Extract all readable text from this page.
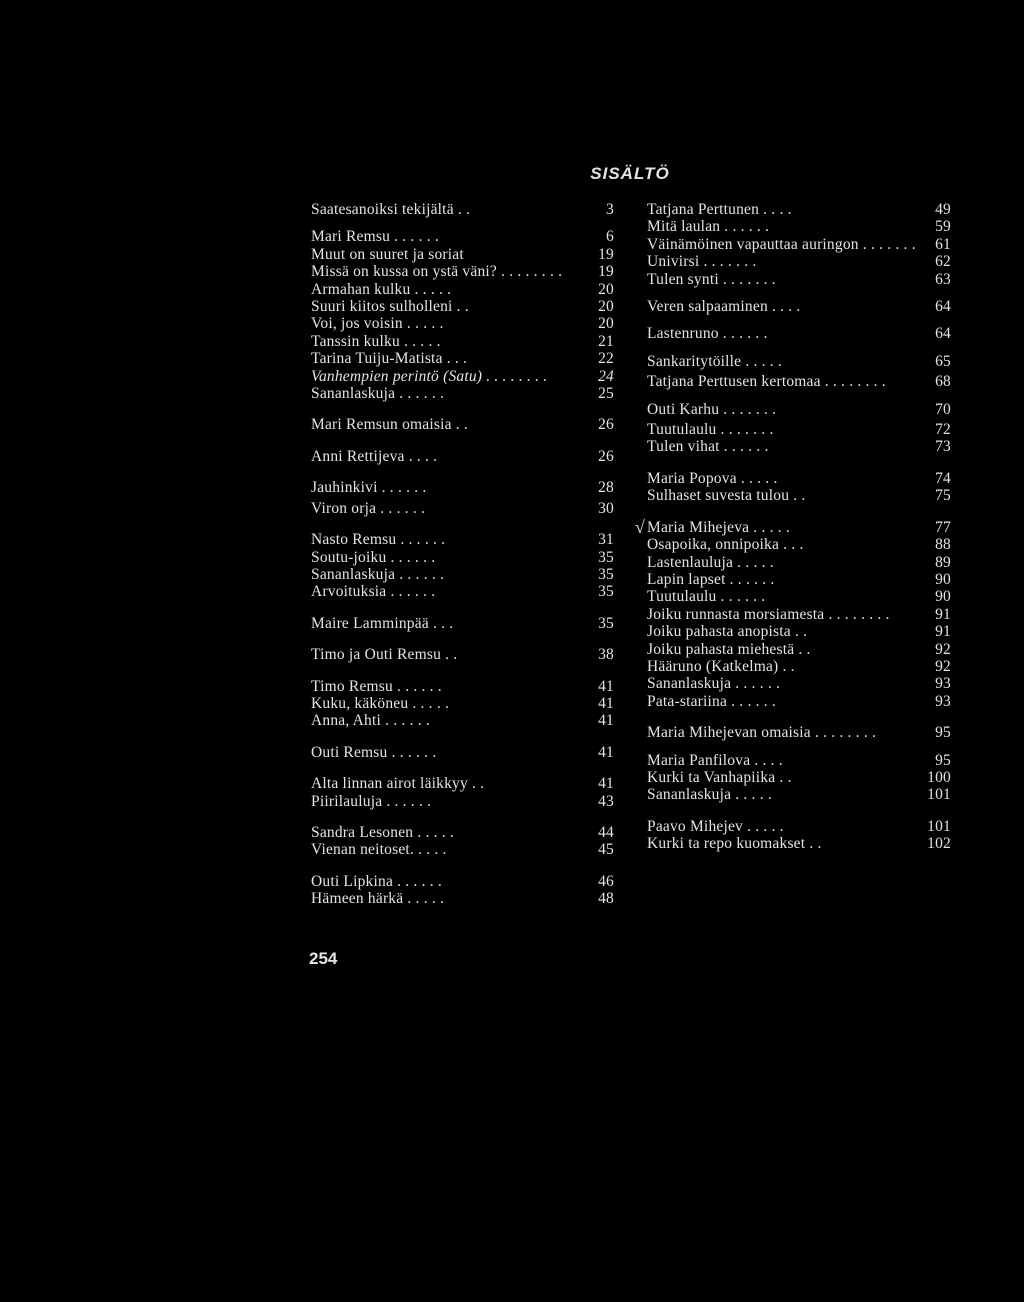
SISÄLTÖ
Saatesanoiksi tekijältä . .	3
Mari Remsu . . . . . .	6
Muut on suuret ja soriat	19
Missä on kussa on ystä väni? . . . . . . . .	19
Armahan kulku . . . . .	20
Suuri kiitos sulholleni . .	20
Voi, jos voisin . . . . .	20
Tanssin kulku . . . . .	21
Tarina Tuiju-Matista . . .	22
Vanhempien perintö (Satu) . . . . . . . .	24
Sananlaskuja . . . . . .	25
Mari Remsun omaisia . .	26
Anni Rettijeva . . . .	26
Jauhinkivi . . . . . .	28
Viron orja . . . . . .	30
Nasto Remsu . . . . . .	31
Soutu-joiku . . . . . .	35
Sananlaskuja . . . . . .	35
Arvoituksia . . . . . .	35
Maire Lamminpää . . .	35
Timo ja Outi Remsu . .	38
Timo Remsu . . . . . .	41
Kuku, käköneu . . . . .	41
Anna, Ahti . . . . . .	41
Outi Remsu . . . . . .	41
Alta linnan airot läikkyy . .	41
Piirilauluja . . . . . .	43
Sandra Lesonen . . . . .	44
Vienan neitoset. . . . .	45
Outi Lipkina . . . . . .	46
Hämeen härkä . . . . .	48
Tatjana Perttunen . . . .	49
Mitä laulan . . . . . .	59
Väinämöinen vapauttaa auringon . . . . . . .	61
Univirsi . . . . . . .	62
Tulen synti . . . . . . .	63
Veren salpaaminen . . . .	64
Lastenruno . . . . . .	64
Sankaritytöille . . . . .	65
Tatjana Perttusen kertomaa . . . . . . . .	68
Outi Karhu . . . . . . .	70
Tuutulaulu . . . . . . .	72
Tulen vihat . . . . . .	73
Maria Popova . . . . .	74
Sulhaset suvesta tulou . .	75
√ Maria Mihejeva . . . . .	77
Osapoika, onnipoika . . .	88
Lastenlauluja . . . . .	89
Lapin lapset . . . . . .	90
Tuutulaulu . . . . . .	90
Joiku runnasta morsiamesta . . . . . . . .	91
Joiku pahasta anopista . .	91
Joiku pahasta miehestä . .	92
Häärunо (Katkelma) . .	92
Sananlaskuja . . . . . .	93
Pata-stariina . . . . . .	93
Maria Mihejevan omaisia . . . . . . . .	95
Maria Panfilova . . . .	95
Kurki ta Vanhapiika . .	100
Sananlaskuja . . . . .	101
Paavo Mihejev . . . . .	101
Kurki ta repo kuomakset . .	102
254
